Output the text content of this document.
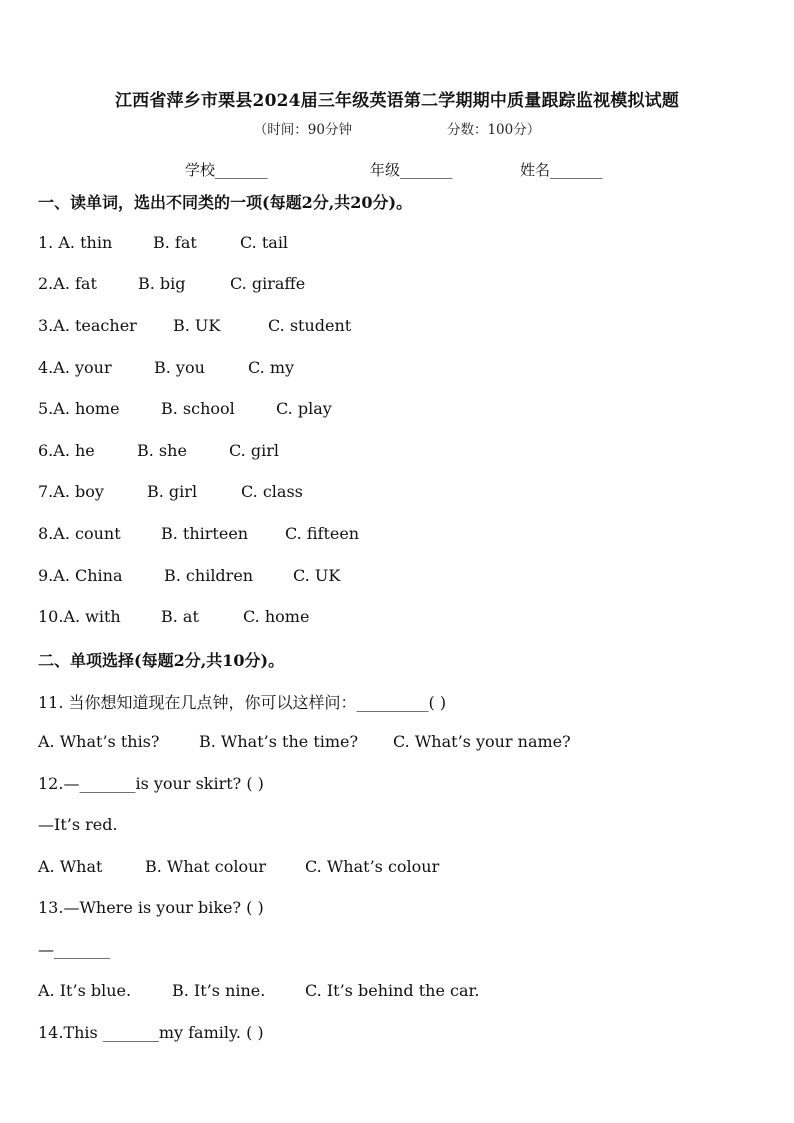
江西省萍乡市栗县2024届三年级英语第二学期期中质量跟踪监视模拟试题
（时间：90分钟	分数：100分）
学校_______	年级_______	姓名_______
一、读单词，选出不同类的一项(每题2分,共20分)。
1. A. thin	B. fat	C. tail
2.A. fat	B. big	C. giraffe
3.A. teacher B. UK	C. student
4.A. your	B. you	C. my
5.A. home	B. school	C. play
6.A. he	B. she	C. girl
7.A. boy	B. girl	C. class
8.A. count	B. thirteen C. fifteen
9.A. China	B. children C. UK
10.A. with	B. at	C. home
二、单项选择(每题2分,共10分)。
11. 当你想知道现在几点钟，你可以这样问：_________( )
A. What’s this? B. What’s the time? C. What’s your name?
12.—_______is your skirt? ( )
—It’s red.
A. What	B. What colour C. What’s colour
13.—Where is your bike? ( )
—_______
A. It’s blue.	B. It’s nine. C. It’s behind the car.
14.This _______my family. ( )
